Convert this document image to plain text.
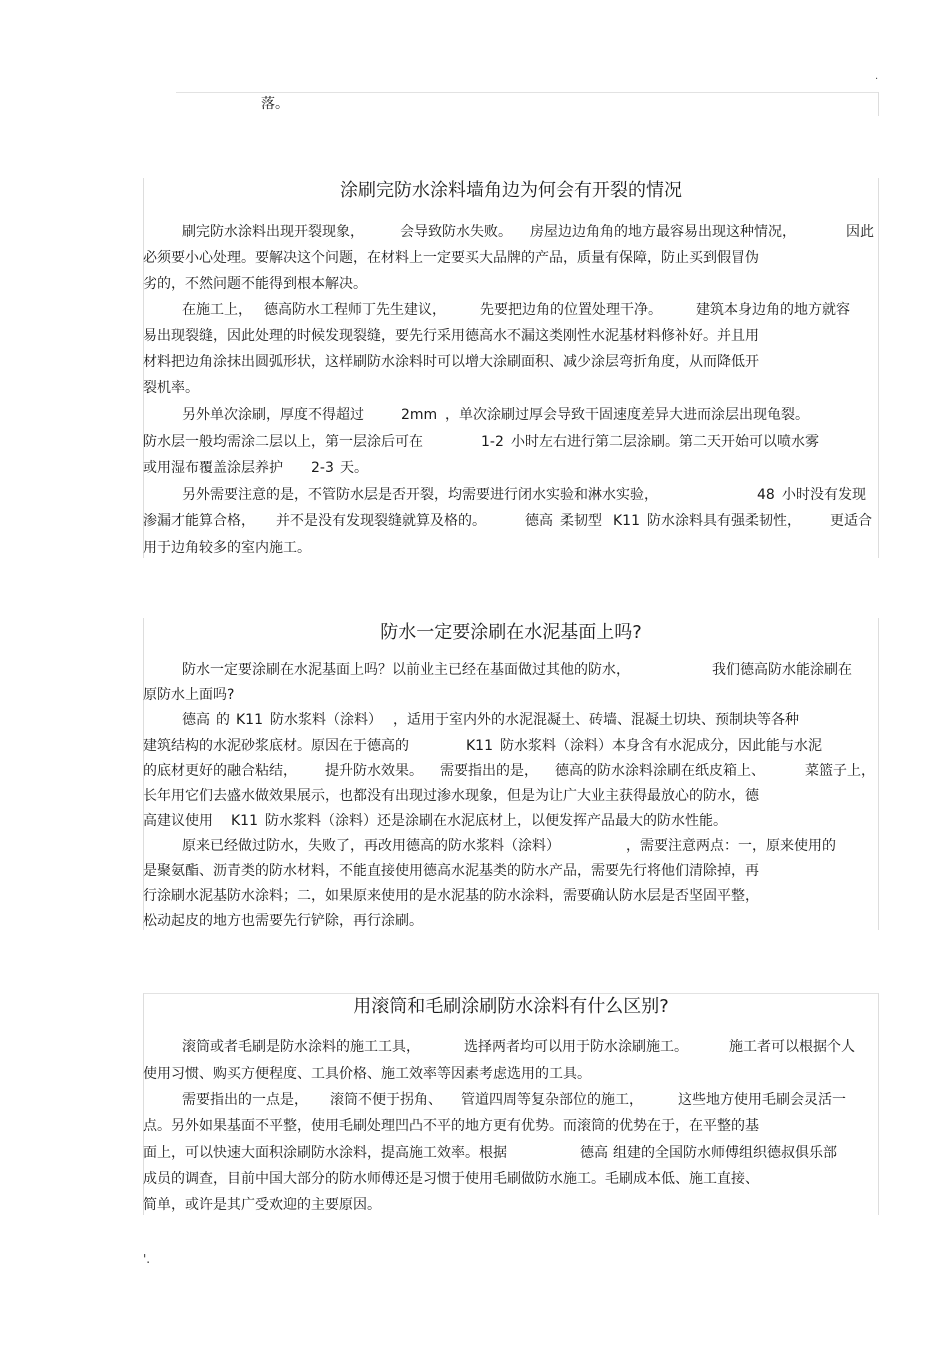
·
落。
涂刷完防水涂料墙角边为何会有开裂的情况
刷完防水涂料出现开裂现象，	会导致防水失败。 房屋边边角角的地方最容易出现这种情况，	因此
必须要小心处理。要解决这个问题，在材料上一定要买大品牌的产品，质量有保障，防止买到假冒伪
劣的，不然问题不能得到根本解决。
在施工上， 德高防水工程师丁先生建议， 先要把边角的位置处理干净。 建筑本身边角的地方就容
易出现裂缝，因此处理的时候发现裂缝，要先行采用德高水不漏这类刚性水泥基材料修补好。并且用
材料把边角涂抹出圆弧形状，这样刷防水涂料时可以增大涂刷面积、减少涂层弯折角度，从而降低开
裂机率。
另外单次涂刷，厚度不得超过	2mm ，单次涂刷过厚会导致干固速度差异大进而涂层出现龟裂。
防水层一般均需涂二层以上，第一层涂后可在	1-2 小时左右进行第二层涂刷。第二天开始可以喷水雾
或用湿布覆盖涂层养护 2-3 天。
另外需要注意的是，不管防水层是否开裂，均需要进行闭水实验和淋水实验，	48 小时没有发现
渗漏才能算合格， 并不是没有发现裂缝就算及格的。	德高 柔韧型 K11 防水涂料具有强柔韧性， 更适合
用于边角较多的室内施工。
防水一定要涂刷在水泥基面上吗?
防水一定要涂刷在水泥基面上吗？以前业主已经在基面做过其他的防水，	我们德高防水能涂刷在
原防水上面吗?
德高 的 K11 防水浆料（涂料） ，适用于室内外的水泥混凝土、砖墙、混凝土切块、预制块等各种
建筑结构的水泥砂浆底材。原因在于德高的	K11 防水浆料（涂料）本身含有水泥成分，因此能与水泥
的底材更好的融合粘结， 提升防水效果。 需要指出的是， 德高的防水涂料涂刷在纸皮箱上、	菜篮子上，
长年用它们去盛水做效果展示，也都没有出现过渗水现象，但是为让广大业主获得最放心的防水，德
高建议使用 K11 防水浆料（涂料）还是涂刷在水泥底材上，以便发挥产品最大的防水性能。
原来已经做过防水，失败了，再改用德高的防水浆料（涂料）	，需要注意两点：一，原来使用的
是聚氨酯、沥青类的防水材料，不能直接使用德高水泥基类的防水产品，需要先行将他们清除掉，再
行涂刷水泥基防水涂料；二，如果原来使用的是水泥基的防水涂料，需要确认防水层是否坚固平整，
松动起皮的地方也需要先行铲除，再行涂刷。
用滚筒和毛刷涂刷防水涂料有什么区别?
滚筒或者毛刷是防水涂料的施工工具，	选择两者均可以用于防水涂刷施工。	施工者可以根据个人
使用习惯、购买方便程度、工具价格、施工效率等因素考虑选用的工具。
需要指出的一点是， 滚筒不便于拐角、 管道四周等复杂部位的施工，	这些地方使用毛刷会灵活一
点。另外如果基面不平整，使用毛刷处理凹凸不平的地方更有优势。而滚筒的优势在于，在平整的基
面上，可以快速大面积涂刷防水涂料，提高施工效率。根据	德高 组建的全国防水师傅组织德叔俱乐部
成员的调查，目前中国大部分的防水师傅还是习惯于使用毛刷做防水施工。毛刷成本低、施工直接、
简单，或许是其广受欢迎的主要原因。
'.
